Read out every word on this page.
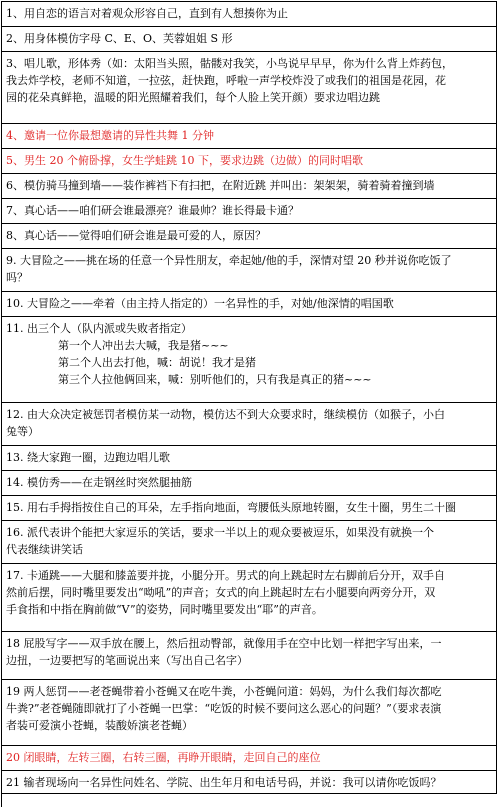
1、用自恋的语言对着观众形容自己，直到有人想揍你为止
2、用身体模仿字母 C、E、O、芙蓉姐姐 S 形
3、唱儿歌，形体秀（如：太阳当头照，骷髅对我笑，小鸟说早早早，你为什么背上炸药包，
我去炸学校，老师不知道，一拉弦，赶快跑，呼啦一声学校炸没了或我们的祖国是花园，花
园的花朵真鲜艳，温暖的阳光照耀着我们，每个人脸上笑开颜）要求边唱边跳
4、邀请一位你最想邀请的异性共舞 1 分钟
5、男生 20 个俯卧撑，女生学蛙跳 10 下，要求边跳（边做）的同时唱歌
6、模仿骑马撞到墙——装作裤裆下有扫把，在附近跳 并叫出：架架架，骑着骑着撞到墙
7、真心话——咱们研会谁最漂亮？谁最帅？谁长得最卡通？
8、真心话——觉得咱们研会谁是最可爱的人，原因？
9. 大冒险之——挑在场的任意一个异性朋友，牵起她/他的手，深情对望 20 秒并说你吃饭了
吗？
10. 大冒险之——牵着（由主持人指定的）一名异性的手，对她/他深情的唱国歌
11. 出三个人（队内派或失败者指定）
第一个人冲出去大喊，我是猪~~~
第二个人出去打他，喊：胡说！我才是猪
第三个人拉他俩回来，喊：别听他们的，只有我是真正的猪~~~
12. 由大众决定被惩罚者模仿某一动物，模仿达不到大众要求时，继续模仿（如猴子，小白
兔等）
13. 绕大家跑一圈，边跑边唱儿歌
14. 模仿秀——在走钢丝时突然腿抽筋
15. 用右手拇指按住自己的耳朵，左手指向地面，弯腰低头原地转圈，女生十圈，男生二十圈
16. 派代表讲个能把大家逗乐的笑话，要求一半以上的观众要被逗乐，如果没有就换一个
代表继续讲笑话
17. 卡通跳——大腿和膝盖要并拢，小腿分开。男式的向上跳起时左右脚前后分开，双手自
然前后摆，同时嘴里要发出“呦吼”的声音；女式的向上跳起时左右小腿要向两旁分开，双
手食指和中指在胸前做“V”的姿势，同时嘴里要发出“耶”的声音。
18 屁股写字——双手放在腰上，然后扭动臀部，就像用手在空中比划一样把字写出来，一
边扭，一边要把写的笔画说出来（写出自己名字）
19 两人惩罚——老苍蝇带着小苍蝇又在吃牛粪，小苍蝇问道：妈妈，为什么我们每次都吃
牛粪?”老苍蝇随即就打了小苍蝇一巴掌：“吃饭的时候不要问这么恶心的问题？”（要求表演
者装可爱演小苍蝇，装酸娇演老苍蝇）
20 闭眼睛，左转三圈，右转三圈，再睁开眼睛，走回自己的座位
21 输者现场向一名异性问姓名、学院、出生年月和电话号码，并说：我可以请你吃饭吗？
